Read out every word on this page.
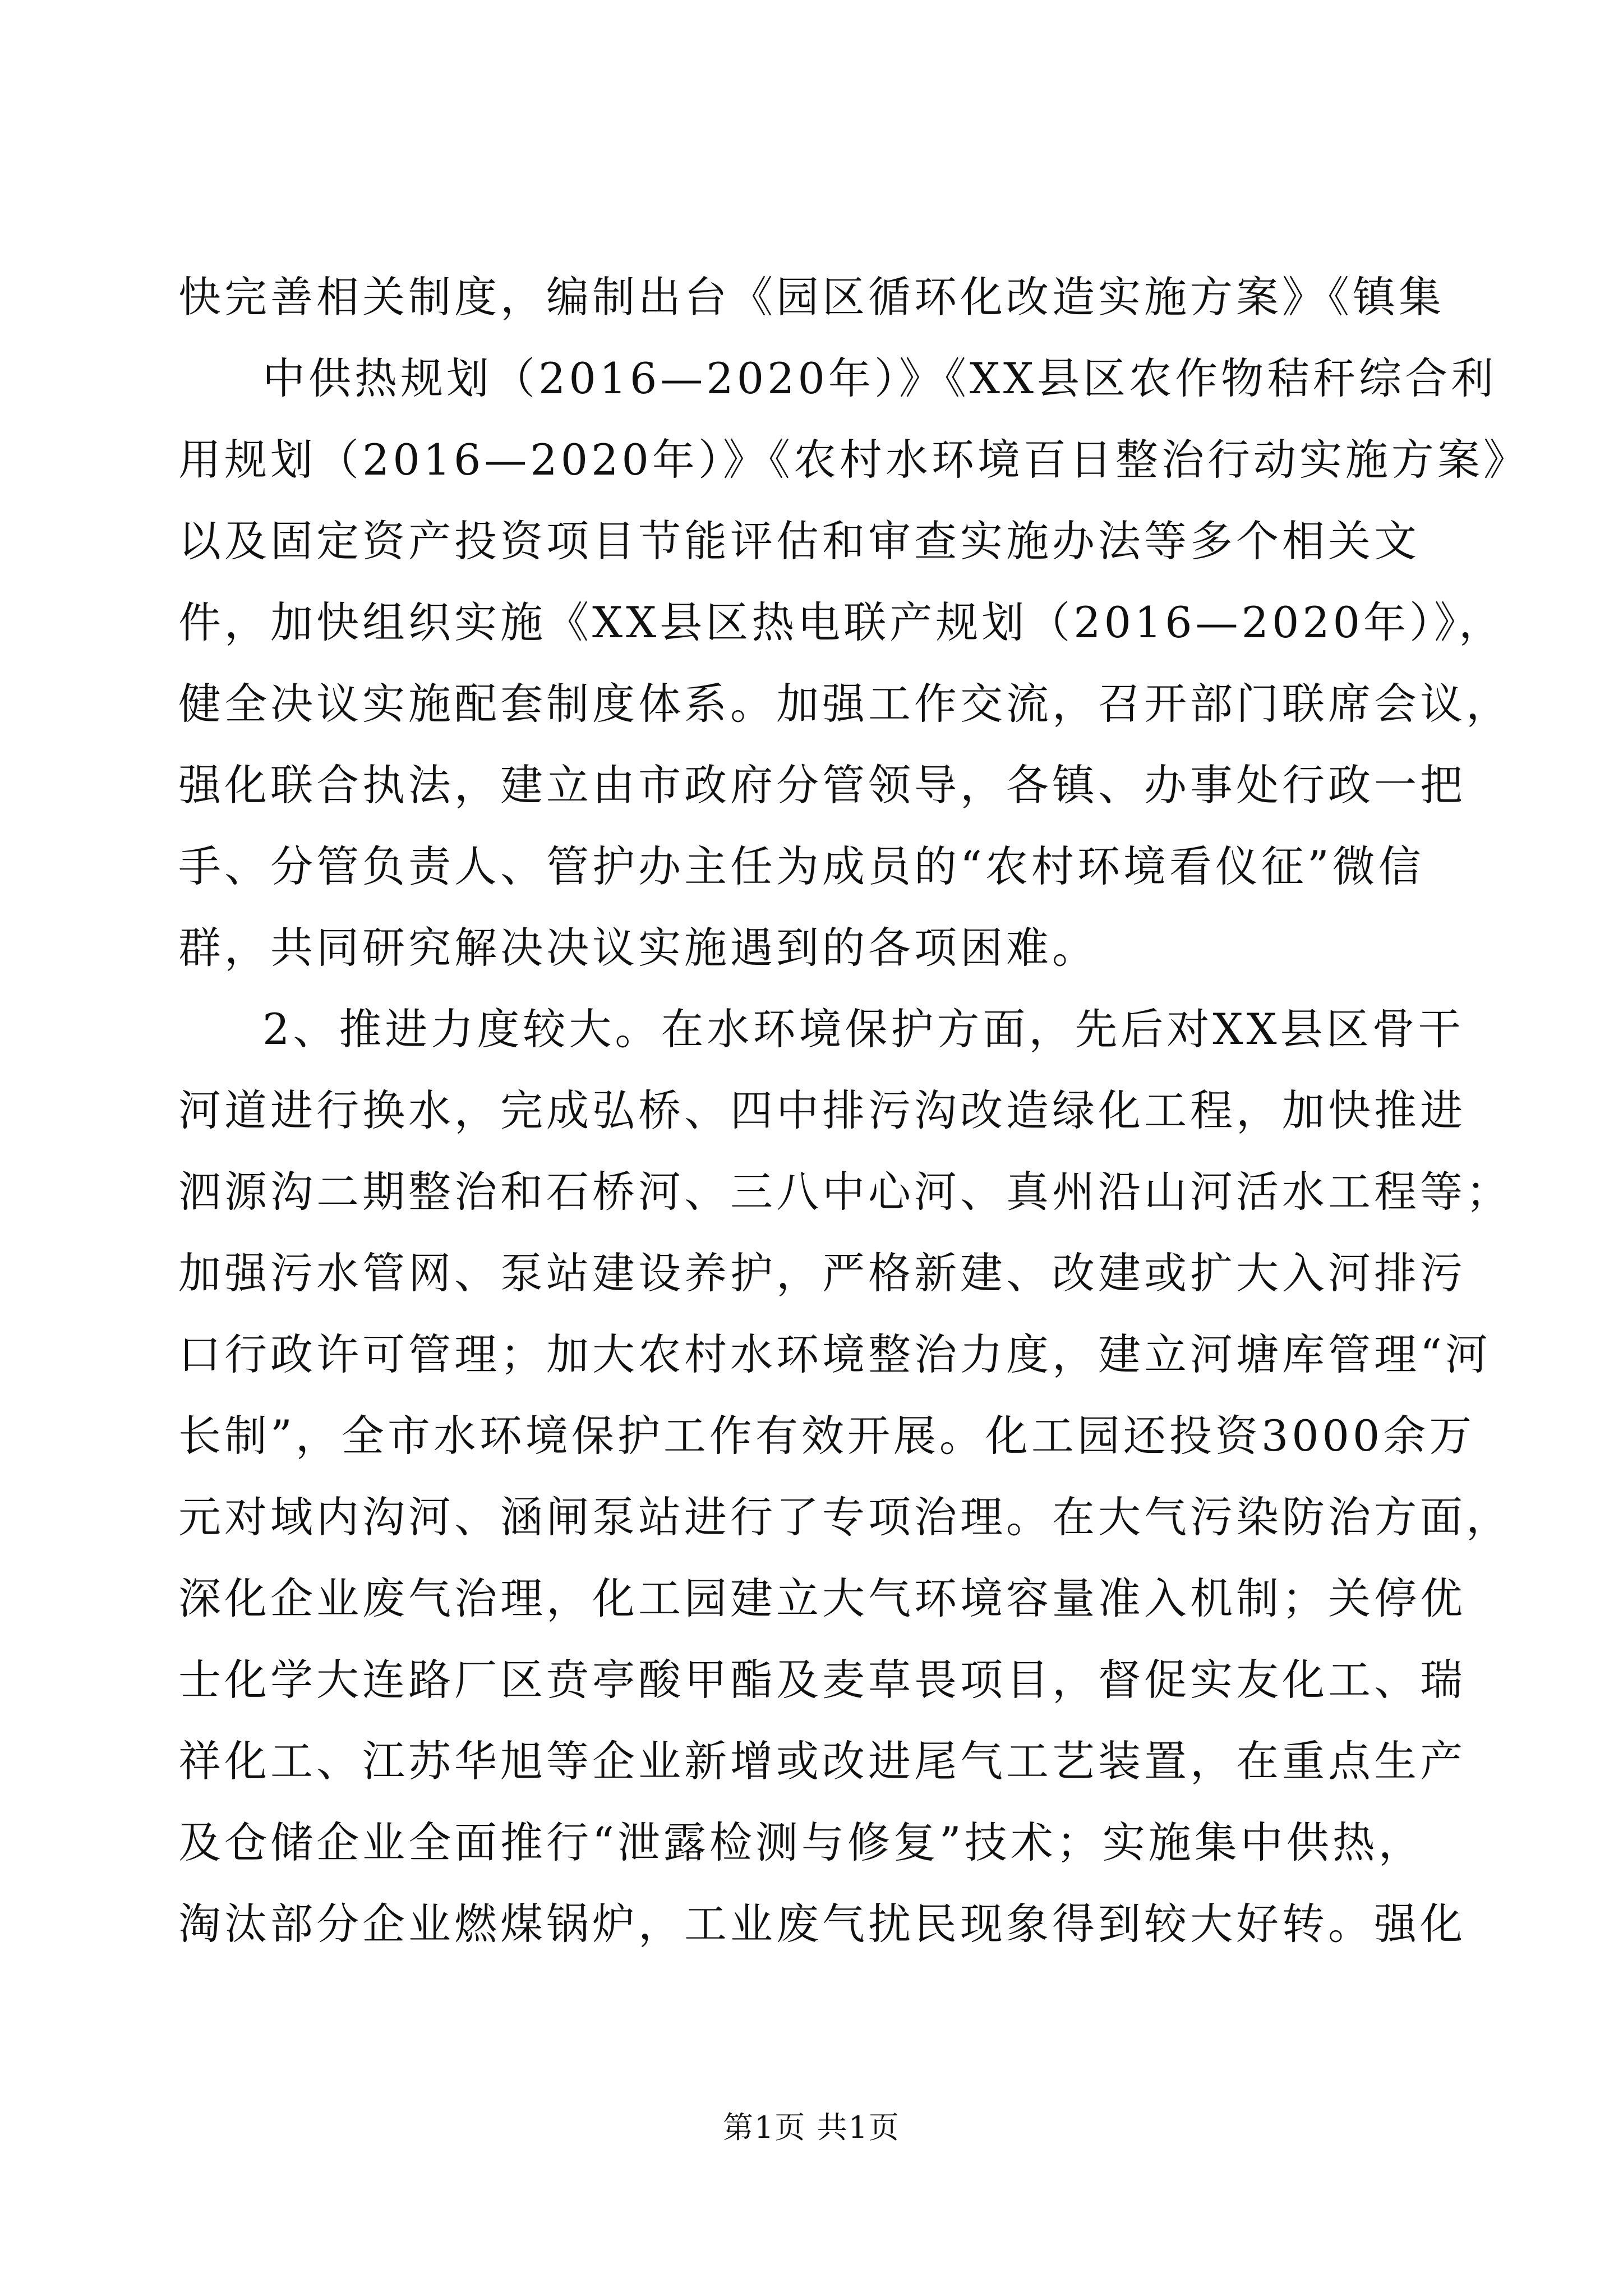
快完善相关制度，编制出台《园区循环化改造实施方案》《镇集
中供热规划（2016—2020年）》《XX县区农作物秸秆综合利
用规划（2016—2020年）》《农村水环境百日整治行动实施方案》
以及固定资产投资项目节能评估和审查实施办法等多个相关文
件，加快组织实施《XX县区热电联产规划（2016—2020年）》，
健全决议实施配套制度体系。加强工作交流，召开部门联席会议，
强化联合执法，建立由市政府分管领导，各镇、办事处行政一把
手、分管负责人、管护办主任为成员的“农村环境看仪征”微信
群，共同研究解决决议实施遇到的各项困难。
2、推进力度较大。在水环境保护方面，先后对XX县区骨干
河道进行换水，完成弘桥、四中排污沟改造绿化工程，加快推进
泗源沟二期整治和石桥河、三八中心河、真州沿山河活水工程等；
加强污水管网、泵站建设养护，严格新建、改建或扩大入河排污
口行政许可管理；加大农村水环境整治力度，建立河塘库管理“河
长制”，全市水环境保护工作有效开展。化工园还投资3000余万
元对域内沟河、涵闸泵站进行了专项治理。在大气污染防治方面，
深化企业废气治理，化工园建立大气环境容量准入机制；关停优
士化学大连路厂区贲亭酸甲酯及麦草畏项目，督促实友化工、瑞
祥化工、江苏华旭等企业新增或改进尾气工艺装置，在重点生产
及仓储企业全面推行“泄露检测与修复”技术；实施集中供热，
淘汰部分企业燃煤锅炉，工业废气扰民现象得到较大好转。强化
第1页 共1页
